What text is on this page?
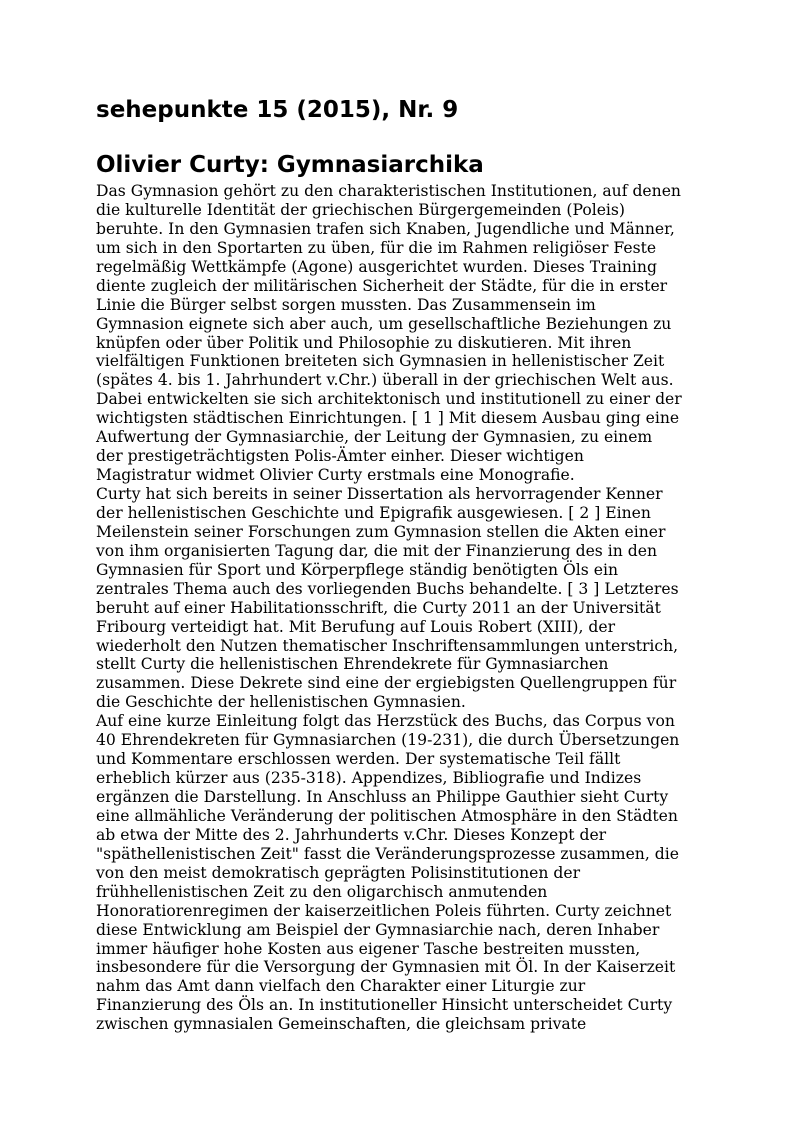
sehepunkte 15 (2015), Nr. 9
Olivier Curty: Gymnasiarchika
Das Gymnasion gehört zu den charakteristischen Institutionen, auf denen
die kulturelle Identität der griechischen Bürgergemeinden (Poleis)
beruhte. In den Gymnasien trafen sich Knaben, Jugendliche und Männer,
um sich in den Sportarten zu üben, für die im Rahmen religiöser Feste
regelmäßig Wettkämpfe (Agone) ausgerichtet wurden. Dieses Training
diente zugleich der militärischen Sicherheit der Städte, für die in erster
Linie die Bürger selbst sorgen mussten. Das Zusammensein im
Gymnasion eignete sich aber auch, um gesellschaftliche Beziehungen zu
knüpfen oder über Politik und Philosophie zu diskutieren. Mit ihren
vielfältigen Funktionen breiteten sich Gymnasien in hellenistischer Zeit
(spätes 4. bis 1. Jahrhundert v.Chr.) überall in der griechischen Welt aus.
Dabei entwickelten sie sich architektonisch und institutionell zu einer der
wichtigsten städtischen Einrichtungen. [ 1 ] Mit diesem Ausbau ging eine
Aufwertung der Gymnasiarchie, der Leitung der Gymnasien, zu einem
der prestigeträchtigsten Polis-Ämter einher. Dieser wichtigen
Magistratur widmet Olivier Curty erstmals eine Monografie.
Curty hat sich bereits in seiner Dissertation als hervorragender Kenner
der hellenistischen Geschichte und Epigrafik ausgewiesen. [ 2 ] Einen
Meilenstein seiner Forschungen zum Gymnasion stellen die Akten einer
von ihm organisierten Tagung dar, die mit der Finanzierung des in den
Gymnasien für Sport und Körperpflege ständig benötigten Öls ein
zentrales Thema auch des vorliegenden Buchs behandelte. [ 3 ] Letzteres
beruht auf einer Habilitationsschrift, die Curty 2011 an der Universität
Fribourg verteidigt hat. Mit Berufung auf Louis Robert (XIII), der
wiederholt den Nutzen thematischer Inschriftensammlungen unterstrich,
stellt Curty die hellenistischen Ehrendekrete für Gymnasiarchen
zusammen. Diese Dekrete sind eine der ergiebigsten Quellengruppen für
die Geschichte der hellenistischen Gymnasien.
Auf eine kurze Einleitung folgt das Herzstück des Buchs, das Corpus von
40 Ehrendekreten für Gymnasiarchen (19-231), die durch Übersetzungen
und Kommentare erschlossen werden. Der systematische Teil fällt
erheblich kürzer aus (235-318). Appendizes, Bibliografie und Indizes
ergänzen die Darstellung. In Anschluss an Philippe Gauthier sieht Curty
eine allmähliche Veränderung der politischen Atmosphäre in den Städten
ab etwa der Mitte des 2. Jahrhunderts v.Chr. Dieses Konzept der
"späthellenistischen Zeit" fasst die Veränderungsprozesse zusammen, die
von den meist demokratisch geprägten Polisinstitutionen der
frühhellenistischen Zeit zu den oligarchisch anmutenden
Honoratiorenregimen der kaiserzeitlichen Poleis führten. Curty zeichnet
diese Entwicklung am Beispiel der Gymnasiarchie nach, deren Inhaber
immer häufiger hohe Kosten aus eigener Tasche bestreiten mussten,
insbesondere für die Versorgung der Gymnasien mit Öl. In der Kaiserzeit
nahm das Amt dann vielfach den Charakter einer Liturgie zur
Finanzierung des Öls an. In institutioneller Hinsicht unterscheidet Curty
zwischen gymnasialen Gemeinschaften, die gleichsam private
